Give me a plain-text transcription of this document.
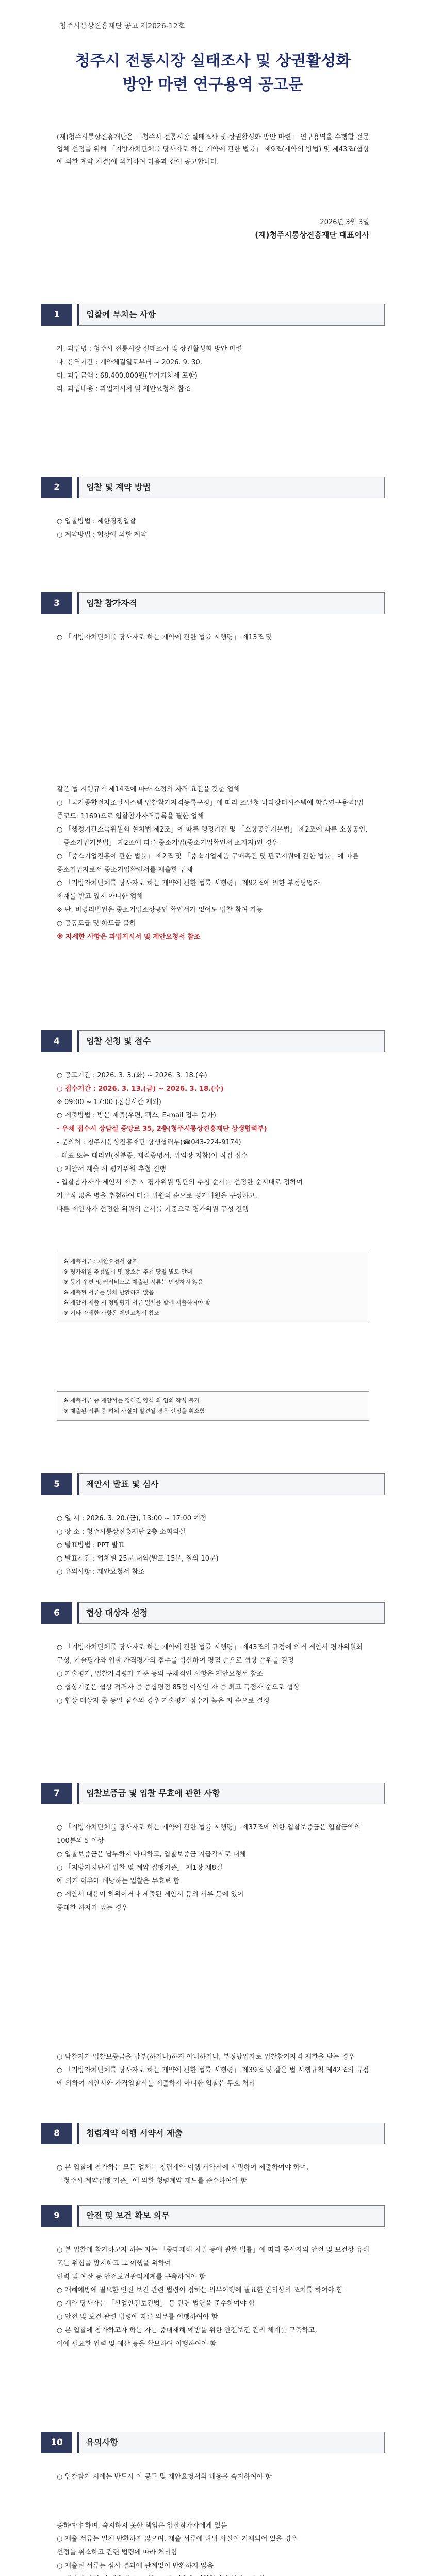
청주시통상진흥재단 공고 제2026-12호
청주시 전통시장 실태조사 및 상권활성화
방안 마련 연구용역 공고문
(재)청주시통상진흥재단은 「청주시 전통시장 실태조사 및 상권활성화 방안 마련」 연구용역을 수행할 전문업체 선정을 위해 「지방자치단체를 당사자로 하는 계약에 관한 법률」 제9조(계약의 방법) 및 제43조(협상에 의한 계약 체결)에 의거하여 다음과 같이 공고합니다.
2026년 3월 3일
(재)청주시통상진흥재단 대표이사
1	입찰에 부치는 사항
가. 과업명 : 청주시 전통시장 실태조사 및 상권활성화 방안 마련
나. 용역기간 : 계약체결일로부터 ~ 2026. 9. 30.
다. 과업금액 : 68,400,000원(부가가치세 포함)
라. 과업내용 : 과업지시서 및 제안요청서 참조
2	입찰 및 계약 방법
○ 입찰방법 : 제한경쟁입찰
○ 계약방법 : 협상에 의한 계약
3	입찰 참가자격
○ 「지방자치단체를 당사자로 하는 계약에 관한 법률 시행령」 제13조 및
같은 법 시행규칙 제14조에 따라 소정의 자격 요건을 갖춘 업체
○ 「국가종합전자조달시스템 입찰참가자격등록규정」에 따라 조달청 나라장터시스템에 학술연구용역(업종코드: 1169)으로 입찰참가자격등록을 필한 업체
○ 「행정기관소속위원회 설치법 제2조」에 따른 행정기관 및 「소상공인기본법」 제2조에 따른 소상공인,
「중소기업기본법」 제2조에 따른 중소기업(중소기업확인서 소지자)인 경우
○ 「중소기업진흥에 관한 법률」 제2조 및 「중소기업제품 구매촉진 및 판로지원에 관한 법률」에 따른
중소기업자로서 중소기업확인서를 제출한 업체
○ 「지방자치단체를 당사자로 하는 계약에 관한 법률 시행령」 제92조에 의한 부정당업자
제재를 받고 있지 아니한 업체
※ 단, 비영리법인은 중소기업소상공인 확인서가 없어도 입찰 참여 가능
○ 공동도급 및 하도급 불허
※ 자세한 사항은 과업지시서 및 제안요청서 참조
4	입찰 신청 및 접수
○ 공고기간 : 2026. 3. 3.(화) ~ 2026. 3. 18.(수)
○ 접수기간 : 2026. 3. 13.(금) ~ 2026. 3. 18.(수)
※ 09:00 ~ 17:00 (점심시간 제외)
○ 제출방법 : 방문 제출(우편, 팩스, E-mail 접수 불가)
- 우체 접수시 상담실 중앙로 35, 2층(청주시통상진흥재단 상생협력부)
- 문의처 : 청주시통상진흥재단 상생협력부(☎043-224-9174)
- 대표 또는 대리인(신분증, 재직증명서, 위임장 지참)이 직접 접수
○ 제안서 제출 시 평가위원 추첨 진행
- 입찰참가자가 제안서 제출 시 평가위원 명단의 추첨 순서를 선정한 순서대로 정하여
가급적 많은 명을 추첨하여 다른 위원의 순으로 평가위원을 구성하고,
다른 제안자가 선정한 위원의 순서를 기준으로 평가위원 구성 진행
※ 제출서류 : 제안요청서 참조
※ 평가위원 추첨일시 및 장소는 추첨 당일 별도 안내
※ 등기 우편 및 퀵서비스로 제출된 서류는 인정하지 않음
※ 제출된 서류는 일체 반환하지 않음
※ 제안서 제출 시 정량평가 서류 일체를 함께 제출하여야 함
※ 기타 자세한 사항은 제안요청서 참조
※ 제출서류 중 제안서는 정해진 양식 외 임의 작성 불가
※ 제출된 서류 중 허위 사실이 발견될 경우 선정을 취소함
5	제안서 발표 및 심사
○ 일 시 : 2026. 3. 20.(금), 13:00 ~ 17:00 예정
○ 장 소 : 청주시통상진흥재단 2층 소회의실
○ 발표방법 : PPT 발표
○ 발표시간 : 업체별 25분 내외(발표 15분, 질의 10분)
○ 유의사항 : 제안요청서 참조
6	협상 대상자 선정
○ 「지방자치단체를 당사자로 하는 계약에 관한 법률 시행령」 제43조의 규정에 의거 제안서 평가위원회 구성, 기술평가와 입찰 가격평가의 점수를 합산하여 평점 순으로 협상 순위를 결정
○ 기술평가, 입찰가격평가 기준 등의 구체적인 사항은 제안요청서 참조
○ 협상기준은 협상 적격자 중 종합평점 85점 이상인 자 중 최고 득점자 순으로 협상
○ 협상 대상자 중 동일 점수의 경우 기술평가 점수가 높은 자 순으로 결정
7	입찰보증금 및 입찰 무효에 관한 사항
○ 「지방자치단체를 당사자로 하는 계약에 관한 법률 시행령」 제37조에 의한 입찰보증금은 입찰금액의 100분의 5 이상
○ 입찰보증금은 납부하지 아니하고, 입찰보증금 지급각서로 대체
○ 「지방자치단체 입찰 및 계약 집행기준」 제1장 제8절
에 의거 이유에 해당하는 입찰은 무효로 함
○ 제안서 내용이 허위이거나 제출된 제안서 등의 서류 등에 있어
중대한 하자가 있는 경우
○ 낙찰자가 입찰보증금을 납부(하거나)하지 아니하거나, 부정당업자로 입찰참가자격 제한을 받는 경우
○ 「지방자치단체를 당사자로 하는 계약에 관한 법률 시행령」 제39조 및 같은 법 시행규칙 제42조의 규정에 의하여 제안서와 가격입찰서를 제출하지 아니한 입찰은 무효 처리
8	청렴계약 이행 서약서 제출
○ 본 입찰에 참가하는 모든 업체는 청렴계약 이행 서약서에 서명하여 제출하여야 하며,
「청주시 계약집행 기준」에 의한 청렴계약 제도를 준수하여야 함
9	안전 및 보건 확보 의무
○ 본 입찰에 참가하고자 하는 자는 「중대재해 처벌 등에 관한 법률」에 따라 종사자의 안전 및 보건상 유해 또는 위험을 방지하고 그 이행을 위하여
인력 및 예산 등 안전보건관리체계를 구축하여야 함
○ 재해예방에 필요한 안전 보건 관련 법령이 정하는 의무이행에 필요한 관리상의 조치를 하여야 함
○ 계약 당사자는 「산업안전보건법」 등 관련 법령을 준수하여야 함
○ 안전 및 보건 관련 법령에 따른 의무를 이행하여야 함
○ 본 입찰에 참가하고자 하는 자는 중대재해 예방을 위한 안전보건 관리 체계를 구축하고,
이에 필요한 인력 및 예산 등을 확보하여 이행하여야 함
10	유의사항
○ 입찰참가 시에는 반드시 이 공고 및 제안요청서의 내용을 숙지하여야 함
충하여야 하며, 숙지하지 못한 책임은 입찰참가자에게 있음
○ 제출 서류는 일체 반환하지 않으며, 제출 서류에 허위 사실이 기재되어 있을 경우
선정을 취소하고 관련 법령에 따라 처리함
○ 제출된 서류는 심사 결과에 관계없이 반환하지 않음
